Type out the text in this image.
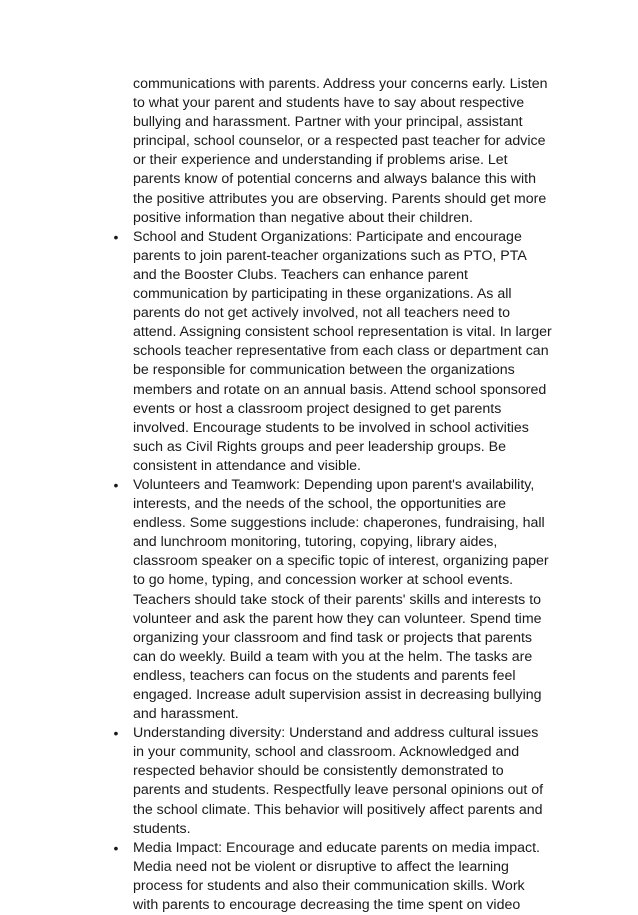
communications with parents. Address your concerns early. Listen to what your parent and students have to say about respective bullying and harassment. Partner with your principal, assistant principal, school counselor, or a respected past teacher for advice or their experience and understanding if problems arise. Let parents know of potential concerns and always balance this with the positive attributes you are observing. Parents should get more positive information than negative about their children.

• School and Student Organizations: Participate and encourage parents to join parent-teacher organizations such as PTO, PTA and the Booster Clubs. Teachers can enhance parent communication by participating in these organizations. As all parents do not get actively involved, not all teachers need to attend. Assigning consistent school representation is vital. In larger schools teacher representative from each class or department can be responsible for communication between the organizations members and rotate on an annual basis. Attend school sponsored events or host a classroom project designed to get parents involved. Encourage students to be involved in school activities such as Civil Rights groups and peer leadership groups. Be consistent in attendance and visible.
• Volunteers and Teamwork: Depending upon parent's availability, interests, and the needs of the school, the opportunities are endless. Some suggestions include: chaperones, fundraising, hall and lunchroom monitoring, tutoring, copying, library aides, classroom speaker on a specific topic of interest, organizing paper to go home, typing, and concession worker at school events. Teachers should take stock of their parents' skills and interests to volunteer and ask the parent how they can volunteer. Spend time organizing your classroom and find task or projects that parents can do weekly. Build a team with you at the helm. The tasks are endless, teachers can focus on the students and parents feel engaged. Increase adult supervision assist in decreasing bullying and harassment.
• Understanding diversity: Understand and address cultural issues in your community, school and classroom. Acknowledged and respected behavior should be consistently demonstrated to parents and students. Respectfully leave personal opinions out of the school climate. This behavior will positively affect parents and students.
• Media Impact: Encourage and educate parents on media impact. Media need not be violent or disruptive to affect the learning process for students and also their communication skills. Work with parents to encourage decreasing the time spent on video
